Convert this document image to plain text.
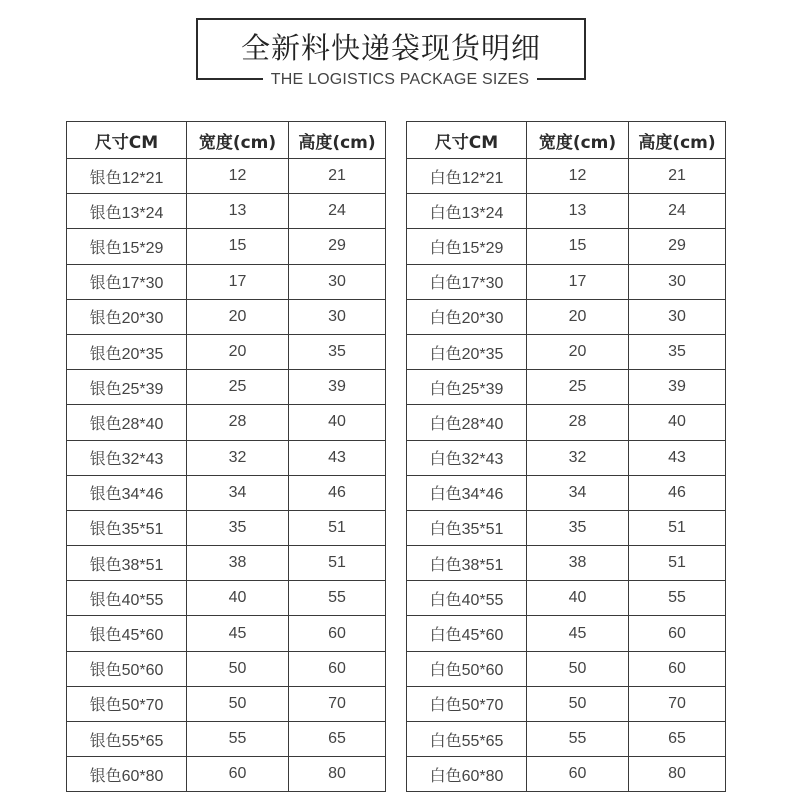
全新料快递袋现货明细
THE LOGISTICS PACKAGE SIZES
尺寸CM	宽度(cm)	高度(cm)
银色12*21	12	21
银色13*24	13	24
银色15*29	15	29
银色17*30	17	30
银色20*30	20	30
银色20*35	20	35
银色25*39	25	39
银色28*40	28	40
银色32*43	32	43
银色34*46	34	46
银色35*51	35	51
银色38*51	38	51
银色40*55	40	55
银色45*60	45	60
银色50*60	50	60
银色50*70	50	70
银色55*65	55	65
银色60*80	60	80
尺寸CM	宽度(cm)	高度(cm)
白色12*21	12	21
白色13*24	13	24
白色15*29	15	29
白色17*30	17	30
白色20*30	20	30
白色20*35	20	35
白色25*39	25	39
白色28*40	28	40
白色32*43	32	43
白色34*46	34	46
白色35*51	35	51
白色38*51	38	51
白色40*55	40	55
白色45*60	45	60
白色50*60	50	60
白色50*70	50	70
白色55*65	55	65
白色60*80	60	80
